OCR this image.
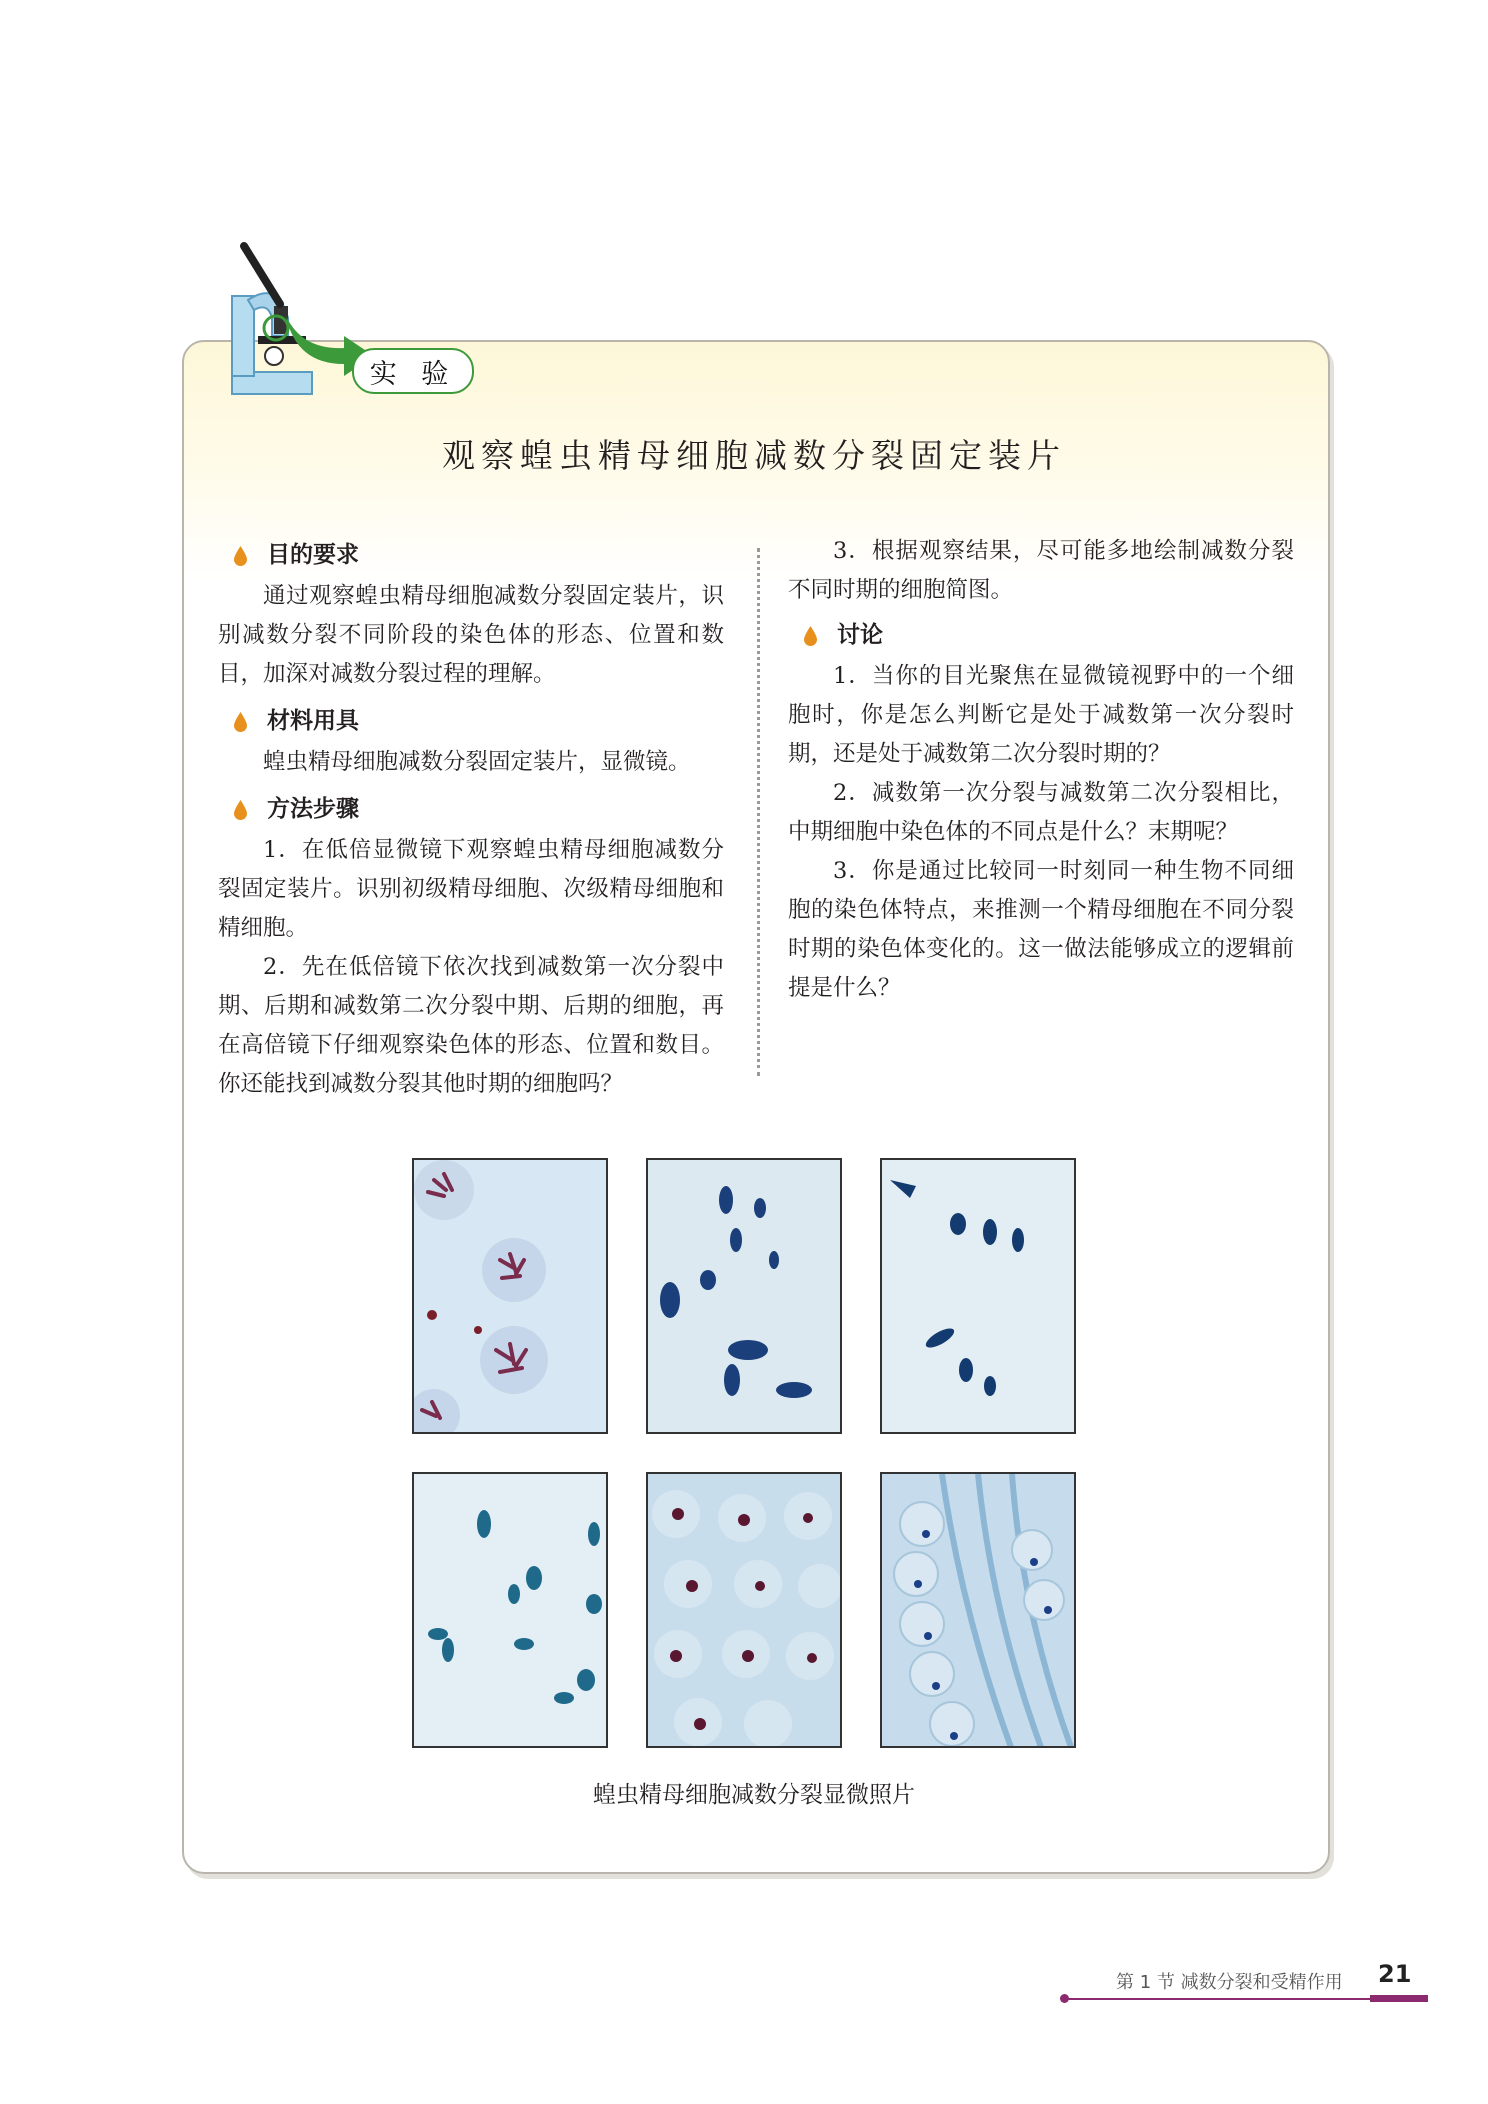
实 验
观察蝗虫精母细胞减数分裂固定装片
目的要求

通过观察蝗虫精母细胞减数分裂固定装片，识别减数分裂不同阶段的染色体的形态、位置和数目，加深对减数分裂过程的理解。

材料用具

蝗虫精母细胞减数分裂固定装片，显微镜。

方法步骤

1．在低倍显微镜下观察蝗虫精母细胞减数分裂固定装片。识别初级精母细胞、次级精母细胞和精细胞。

2．先在低倍镜下依次找到减数第一次分裂中期、后期和减数第二次分裂中期、后期的细胞，再在高倍镜下仔细观察染色体的形态、位置和数目。你还能找到减数分裂其他时期的细胞吗？

3．根据观察结果，尽可能多地绘制减数分裂不同时期的细胞简图。

讨论

1．当你的目光聚焦在显微镜视野中的一个细胞时，你是怎么判断它是处于减数第一次分裂时期，还是处于减数第二次分裂时期的？

2．减数第一次分裂与减数第二次分裂相比，中期细胞中染色体的不同点是什么？末期呢？

3．你是通过比较同一时刻同一种生物不同细胞的染色体特点，来推测一个精母细胞在不同分裂时期的染色体变化的。这一做法能够成立的逻辑前提是什么？

蝗虫精母细胞减数分裂显微照片
第 1 节 减数分裂和受精作用 21
